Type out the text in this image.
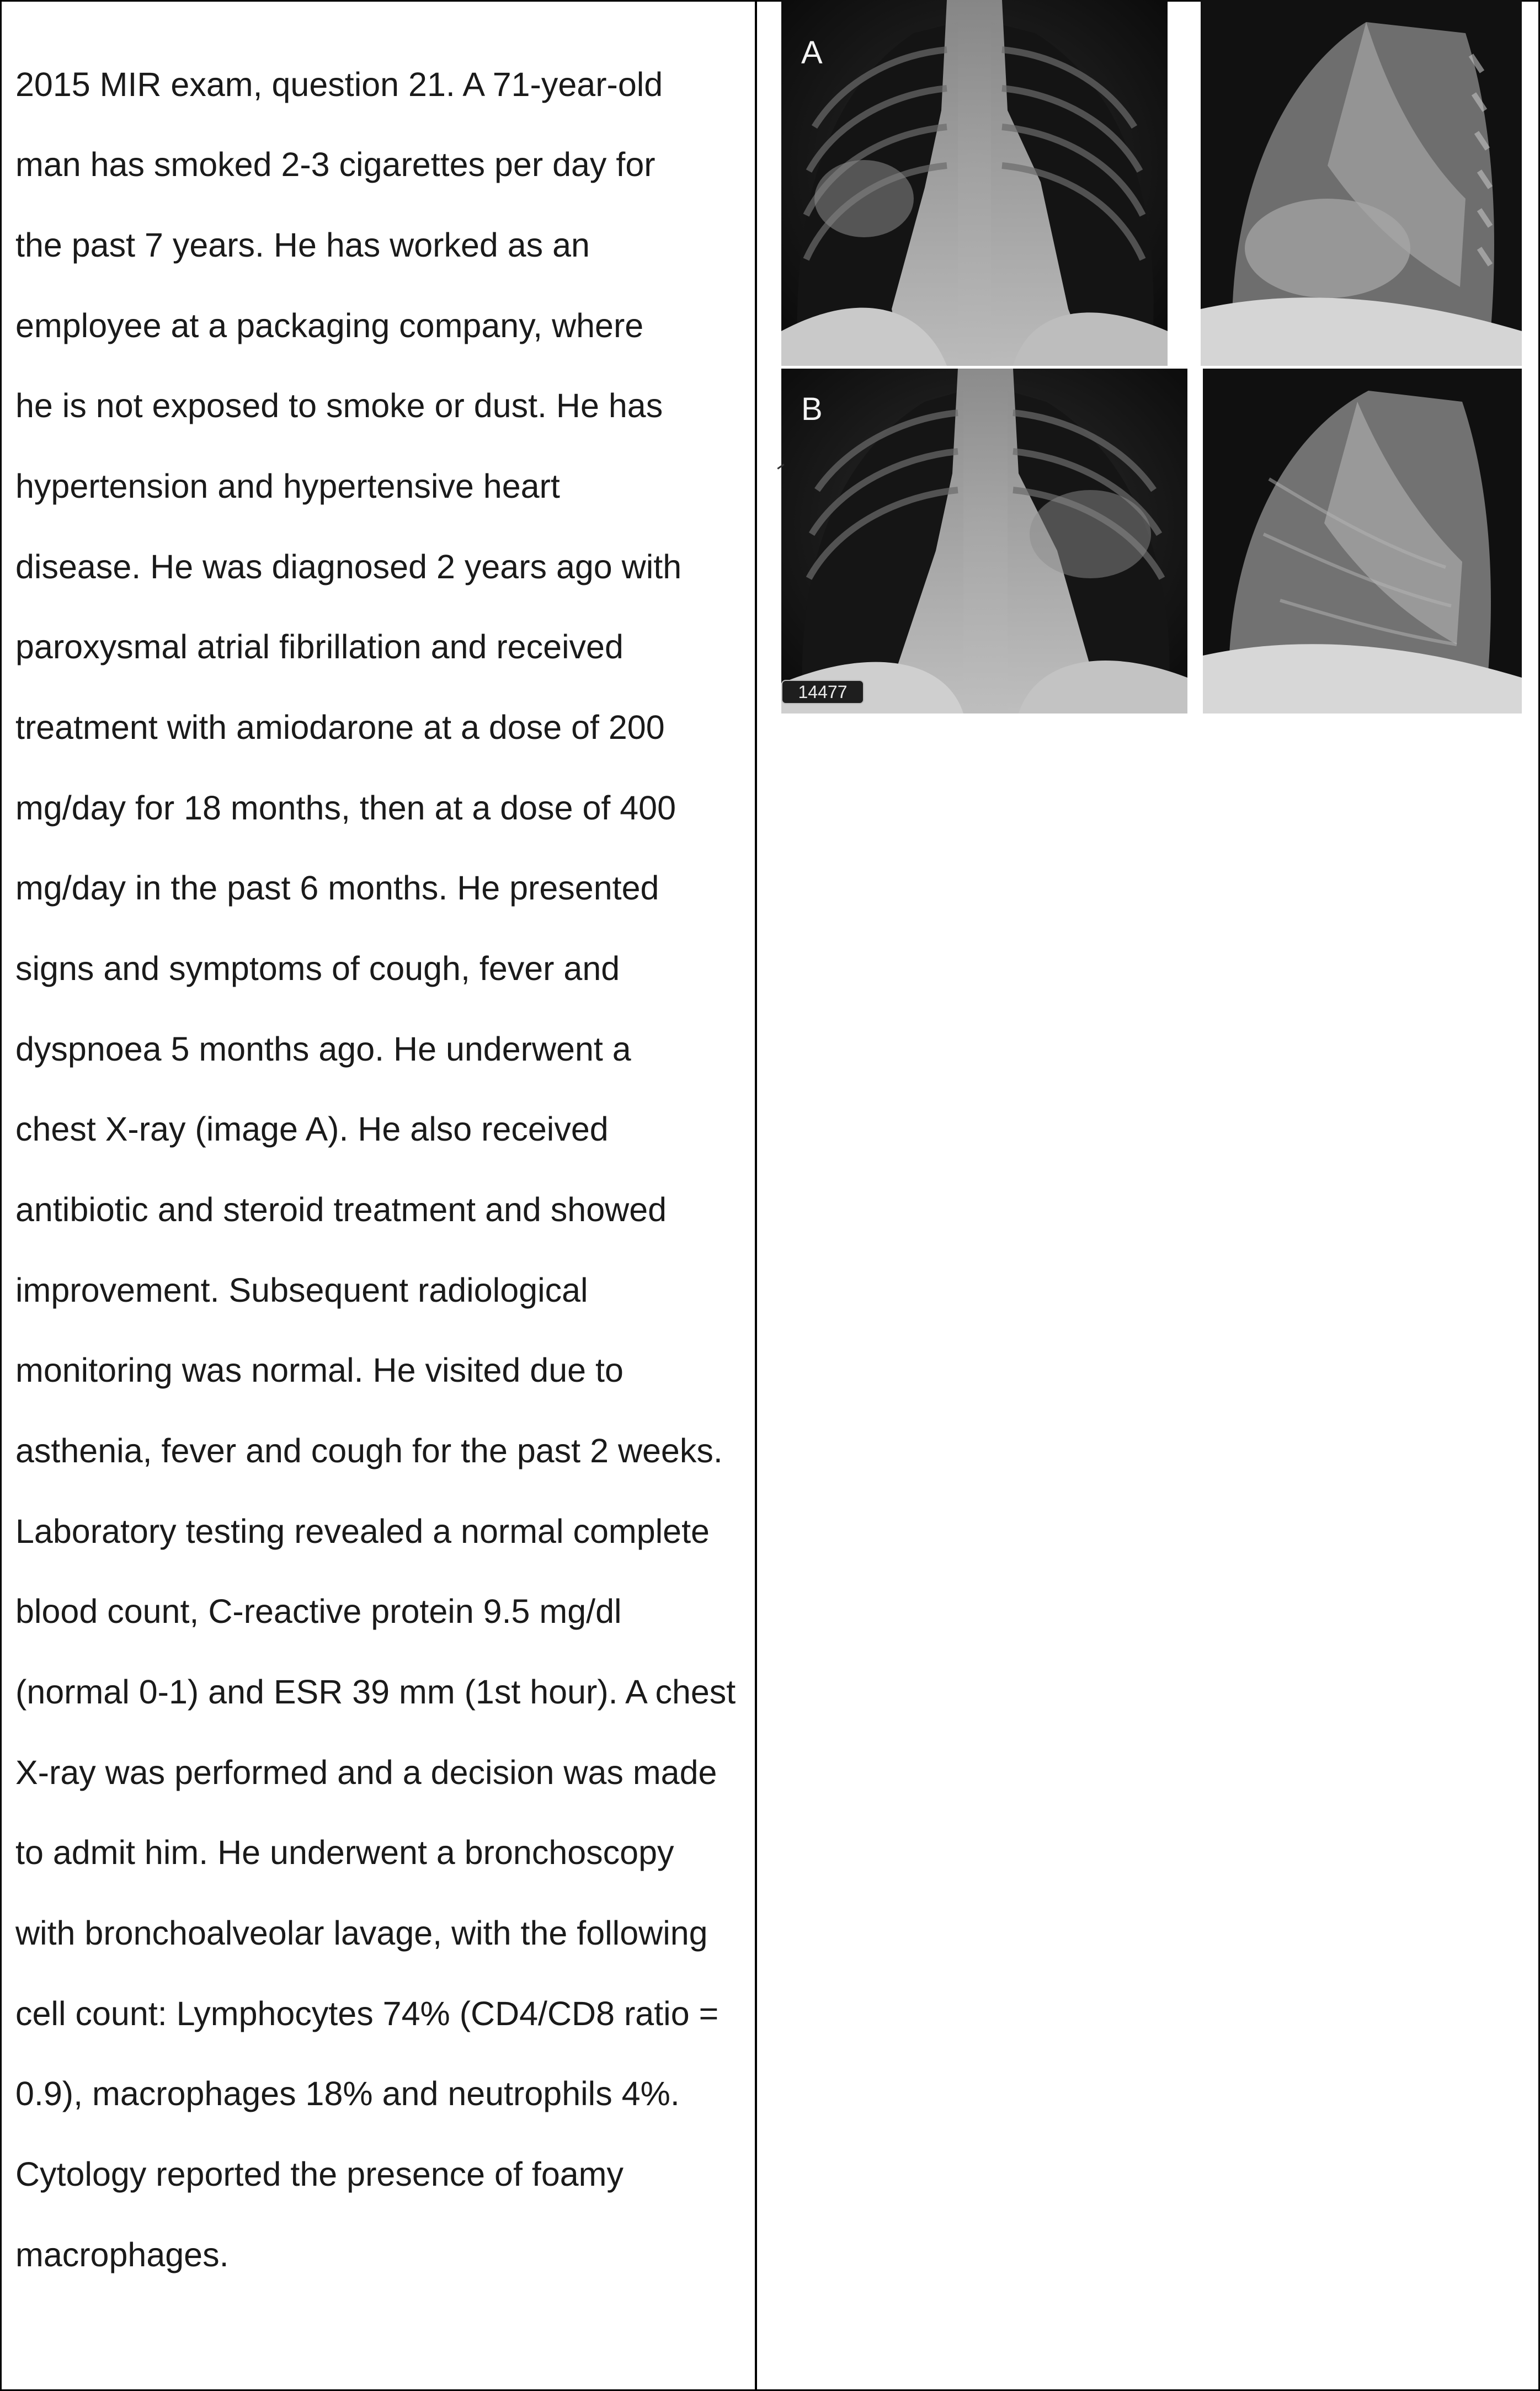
2015 MIR exam, question 21. A 71-year-old
man has smoked 2-3 cigarettes per day for
the past 7 years. He has worked as an
employee at a packaging company, where
he is not exposed to smoke or dust. He has
hypertension and hypertensive heart
disease. He was diagnosed 2 years ago with
paroxysmal atrial fibrillation and received
treatment with amiodarone at a dose of 200
mg/day for 18 months, then at a dose of 400
mg/day in the past 6 months. He presented
signs and symptoms of cough, fever and
dyspnoea 5 months ago. He underwent a
chest X-ray (image A). He also received
antibiotic and steroid treatment and showed
improvement. Subsequent radiological
monitoring was normal. He visited due to
asthenia, fever and cough for the past 2 weeks.
Laboratory testing revealed a normal complete
blood count, C-reactive protein 9.5 mg/dl
(normal 0-1) and ESR 39 mm (1st hour). A chest
X-ray was performed and a decision was made
to admit him. He underwent a bronchoscopy
with bronchoalveolar lavage, with the following
cell count: Lymphocytes 74% (CD4/CD8 ratio =
0.9), macrophages 18% and neutrophils 4%.
Cytology reported the presence of foamy
macrophages.
A
B
14477
